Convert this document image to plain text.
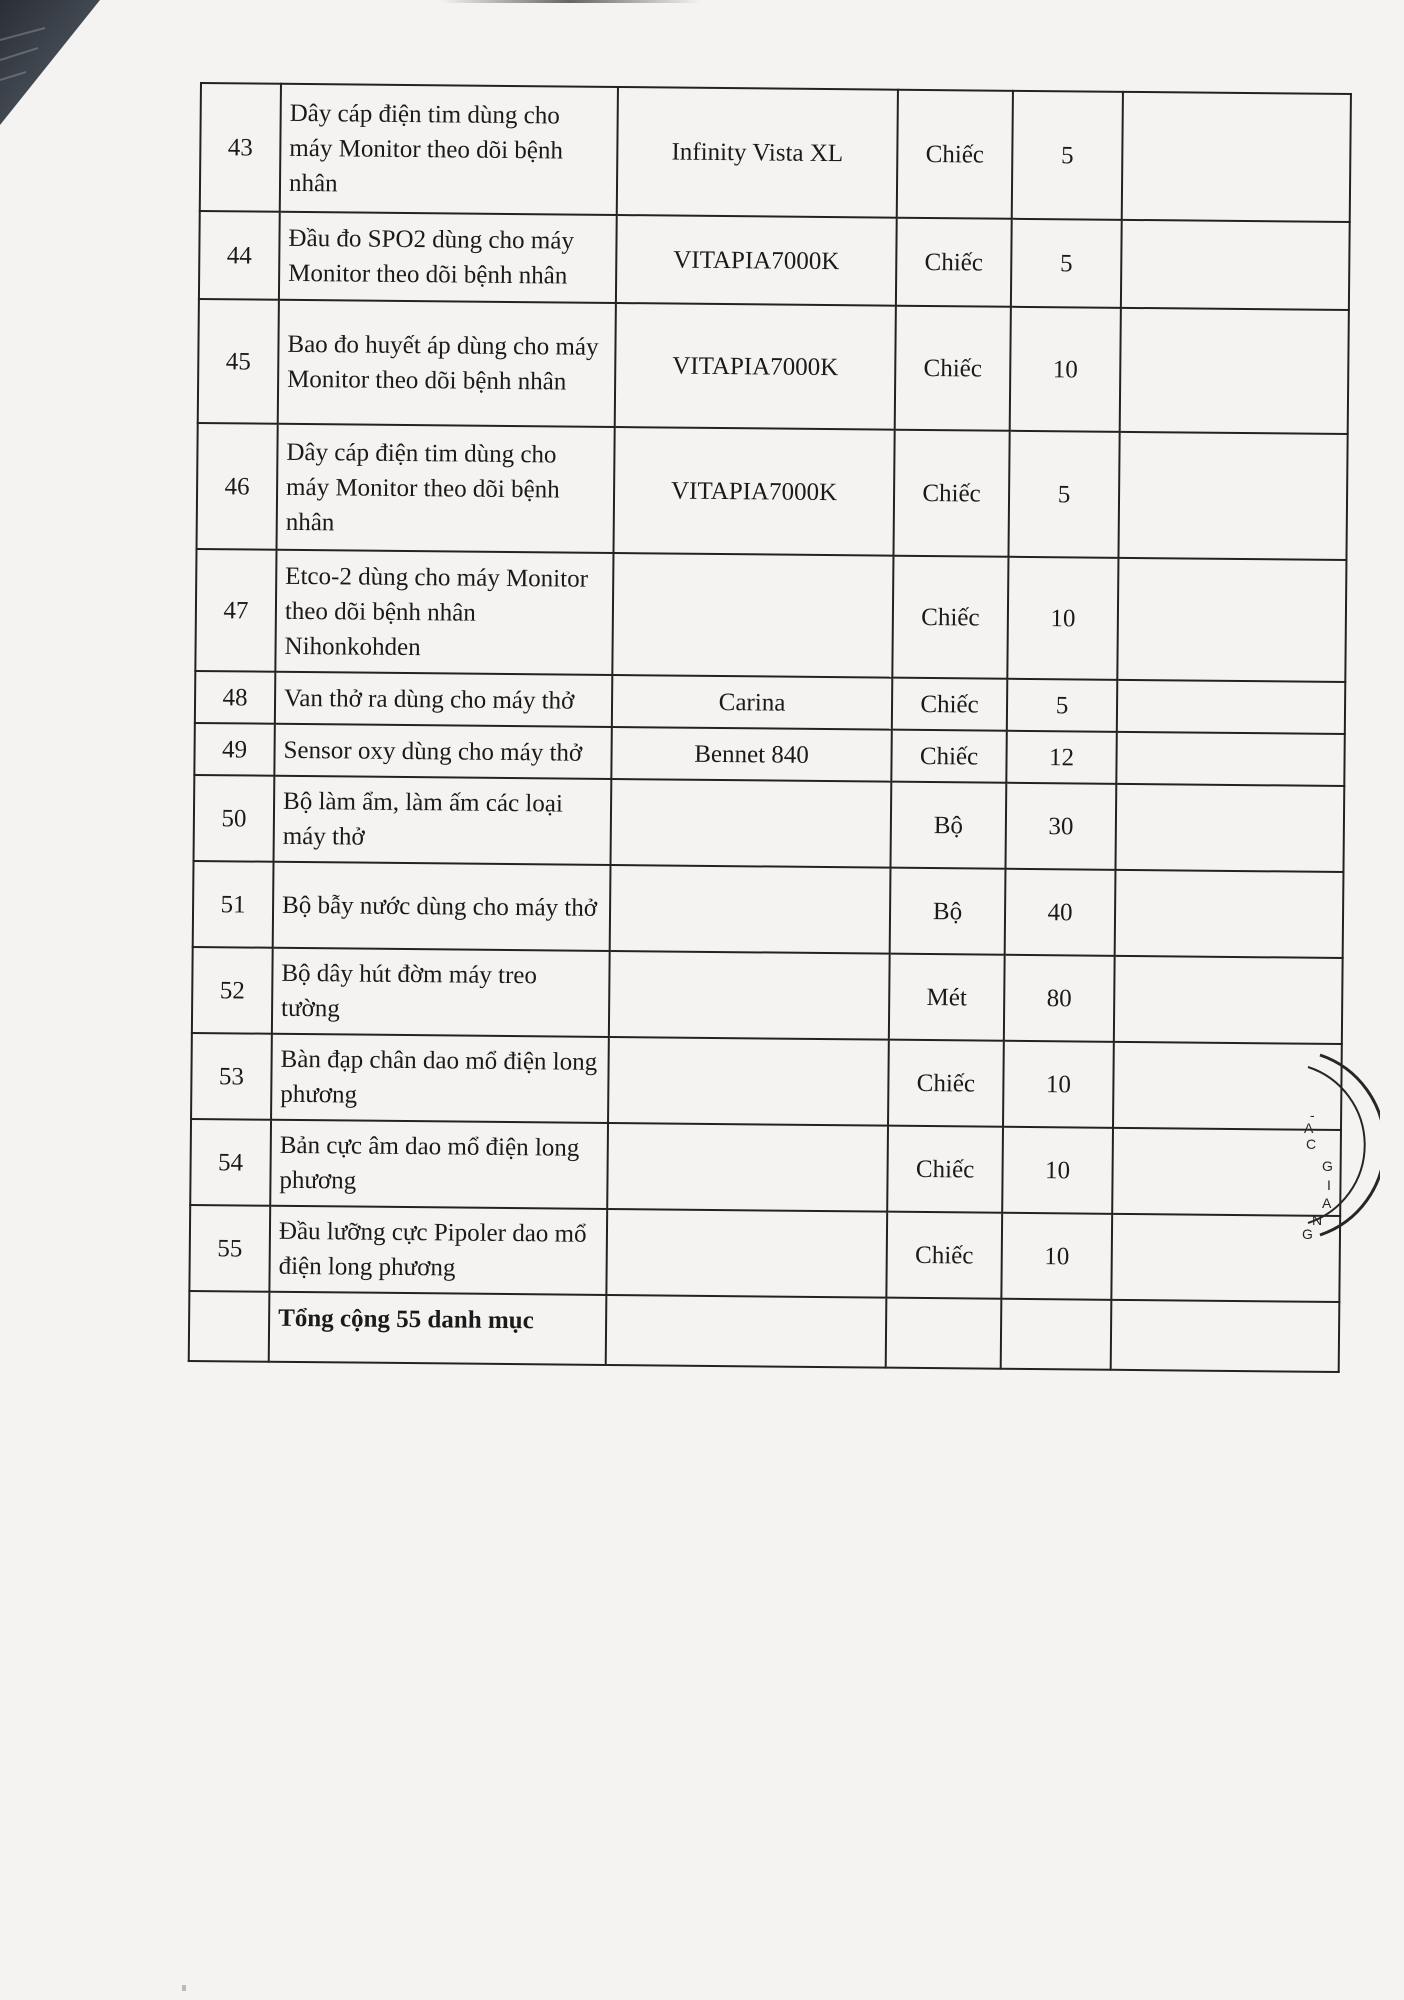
43	Dây cáp điện tim dùng cho máy Monitor theo dõi bệnh nhân	Infinity Vista XL	Chiếc	5	
44	Đầu đo SPO2 dùng cho máy Monitor theo dõi bệnh nhân	VITAPIA7000K	Chiếc	5	
45	Bao đo huyết áp dùng cho máy Monitor theo dõi bệnh nhân	VITAPIA7000K	Chiếc	10	
46	Dây cáp điện tim dùng cho máy Monitor theo dõi bệnh nhân	VITAPIA7000K	Chiếc	5	
47	Etco-2 dùng cho máy Monitor theo dõi bệnh nhân Nihonkohden		Chiếc	10	
48	Van thở ra dùng cho máy thở	Carina	Chiếc	5	
49	Sensor oxy dùng cho máy thở	Bennet 840	Chiếc	12	
50	Bộ làm ẩm, làm ấm các loại máy thở		Bộ	30	
51	Bộ bẫy nước dùng cho máy thở		Bộ	40	
52	Bộ dây hút đờm máy treo tường		Mét	80	
53	Bàn đạp chân dao mổ điện long phương		Chiếc	10	
54	Bản cực âm dao mổ điện long phương		Chiếc	10	
55	Đầu lưỡng cực Pipoler dao mổ điện long phương		Chiếc	10	
	Tổng cộng 55 danh mục				
-
A
C
G
I
A
N
G
